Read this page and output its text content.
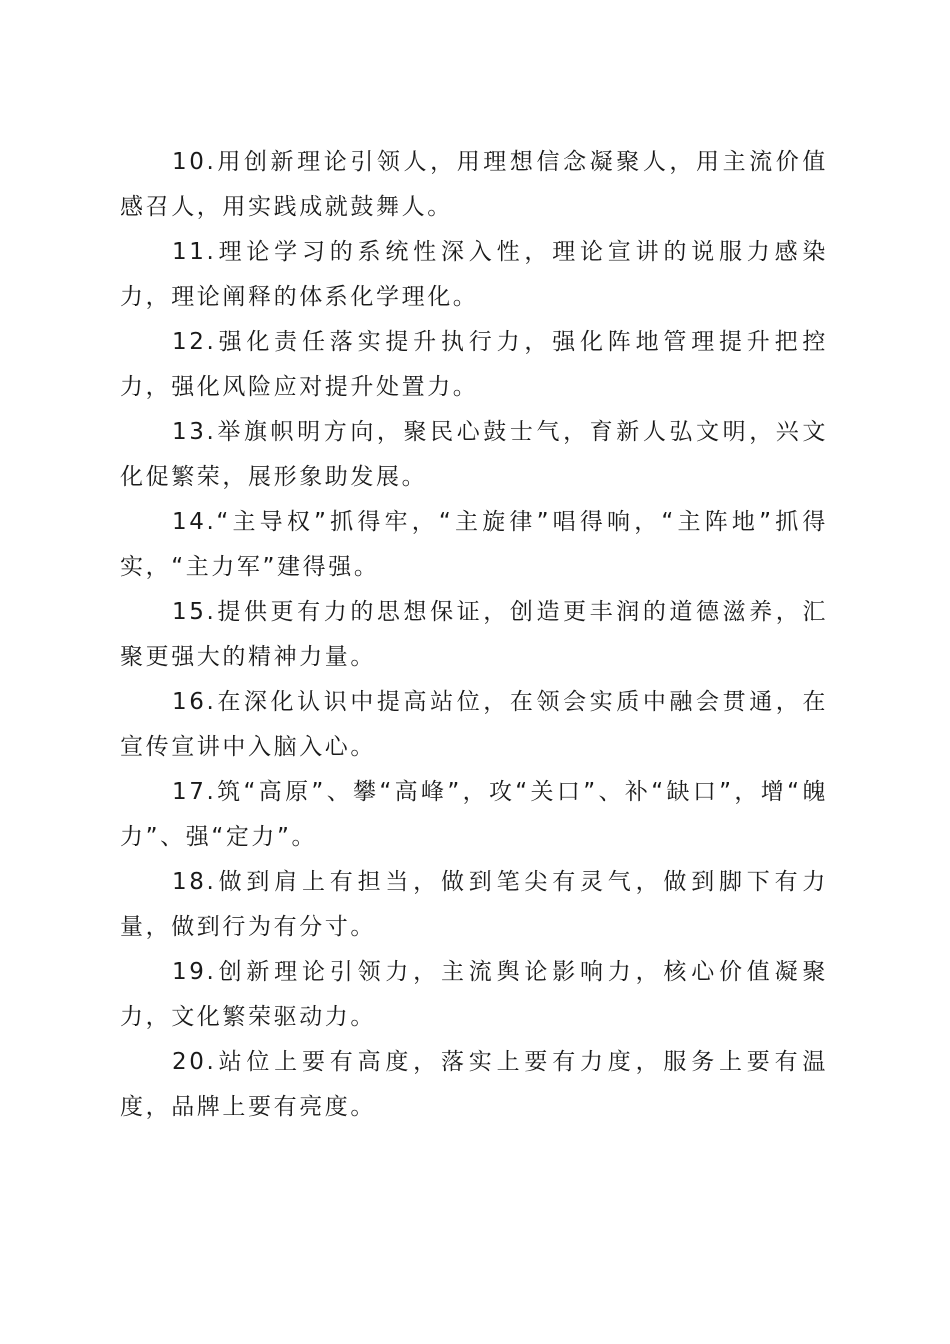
10.用创新理论引领人，用理想信念凝聚人，用主流价值感召人，用实践成就鼓舞人。

11.理论学习的系统性深入性，理论宣讲的说服力感染力，理论阐释的体系化学理化。

12.强化责任落实提升执行力，强化阵地管理提升把控力，强化风险应对提升处置力。

13.举旗帜明方向，聚民心鼓士气，育新人弘文明，兴文化促繁荣，展形象助发展。

14.“主导权”抓得牢，“主旋律”唱得响，“主阵地”抓得实，“主力军”建得强。

15.提供更有力的思想保证，创造更丰润的道德滋养，汇聚更强大的精神力量。

16.在深化认识中提高站位，在领会实质中融会贯通，在宣传宣讲中入脑入心。

17.筑“高原”、攀“高峰”，攻“关口”、补“缺口”，增“魄力”、强“定力”。

18.做到肩上有担当，做到笔尖有灵气，做到脚下有力量，做到行为有分寸。

19.创新理论引领力，主流舆论影响力，核心价值凝聚力，文化繁荣驱动力。

20.站位上要有高度，落实上要有力度，服务上要有温度，品牌上要有亮度。
